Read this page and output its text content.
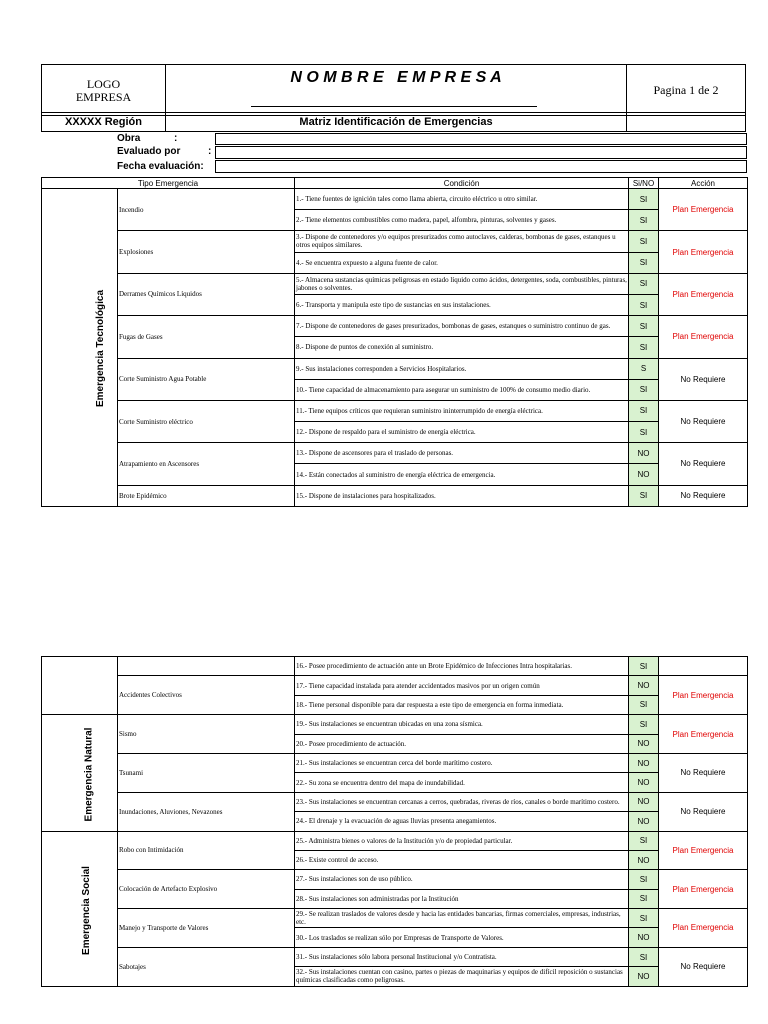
LOGO
EMPRESA
N O M B R E   E M P R E S A
Pagina 1 de 2
XXXXX Región	Matriz Identificación de Emergencias
Obra	:
Evaluado por	:
Fecha evaluación:
Tipo Emergencia		Condición	Si/NO	Acción
Emergencia Tecnológica	Incendio	1.- Tiene fuentes de ignición tales como llama abierta, circuito eléctrico u otro similar.	SI	Plan Emergencia
		2.- Tiene elementos combustibles como madera, papel, alfombra, pinturas, solventes y gases.	SI	
	Explosiones	3.- Dispone de contenedores y/o equipos presurizados como autoclaves, calderas, bombonas de gases, estanques u otros equipos similares.	SI	Plan Emergencia
		4.- Se encuentra expuesto a alguna fuente de calor.	SI	
	Derrames Químicos Líquidos	5.- Almacena sustancias químicas peligrosas en estado líquido como ácidos, detergentes, soda, combustibles, pinturas, jabones o solventes.	SI	Plan Emergencia
		6.- Transporta y manipula este tipo de sustancias en sus instalaciones.	SI	
	Fugas de Gases	7.- Dispone de contenedores de gases presurizados, bombonas de gases, estanques o suministro continuo de gas.	SI	Plan Emergencia
		8.- Dispone de puntos de conexión al suministro.	SI	
	Corte Suministro Agua Potable	9.- Sus instalaciones corresponden a Servicios Hospitalarios.	S	No Requiere
		10.- Tiene capacidad de almacenamiento para asegurar un suministro de 100% de consumo medio diario.	SI	
	Corte Suministro eléctrico	11.- Tiene equipos críticos que requieran suministro ininterrumpido de energía eléctrica.	SI	No Requiere
		12.- Dispone de respaldo para el suministro de energía eléctrica.	SI	
	Atrapamiento en Ascensores	13.- Dispone de ascensores para el traslado de personas.	NO	No Requiere
		14.- Están conectados al suministro de energía eléctrica de emergencia.	NO	
	Brote Epidémico	15.- Dispone de instalaciones para hospitalizados.	SI	No Requiere
		16.- Posee procedimiento de actuación ante un Brote Epidémico de Infecciones Intra hospitalarias.	SI	
	Accidentes Colectivos	17.- Tiene capacidad instalada para atender accidentados masivos por un origen común	NO	Plan Emergencia
		18.- Tiene personal disponible para dar respuesta a este tipo de emergencia en forma inmediata.	SI	
Emergencia Natural	Sismo	19.- Sus instalaciones se encuentran ubicadas en una zona sísmica.	SI	Plan Emergencia
		20.- Posee procedimiento de actuación.	NO	
	Tsunami	21.- Sus instalaciones se encuentran cerca del borde marítimo costero.	NO	No Requiere
		22.- Su zona se encuentra dentro del mapa de inundabilidad.	NO	
	Inundaciones, Aluviones, Nevazones	23.- Sus instalaciones se encuentran cercanas a cerros, quebradas, riveras de ríos, canales o borde marítimo costero.	NO	No Requiere
		24.- El drenaje y la evacuación de aguas lluvias presenta anegamientos.	NO	
Emergencia Social	Robo con Intimidación	25.- Administra bienes o valores de la Institución y/o de propiedad particular.	SI	Plan Emergencia
		26.- Existe control de acceso.	NO	
	Colocación de Artefacto Explosivo	27.- Sus instalaciones son de uso público.	SI	Plan Emergencia
		28.- Sus instalaciones son administradas por la Institución	SI	
	Manejo y Transporte de Valores	29.- Se realizan traslados de valores desde y hacia las entidades bancarias, firmas comerciales, empresas, industrias, etc.	SI	Plan Emergencia
		30.- Los traslados se realizan sólo por Empresas de Transporte de Valores.	NO	
	Sabotajes	31.- Sus instalaciones sólo labora personal Institucional y/o Contratista.	SI	No Requiere
		32.- Sus instalaciones cuentan con casino, partes o piezas de maquinarias y equipos de difícil reposición o sustancias químicas clasificadas como peligrosas.	NO	
